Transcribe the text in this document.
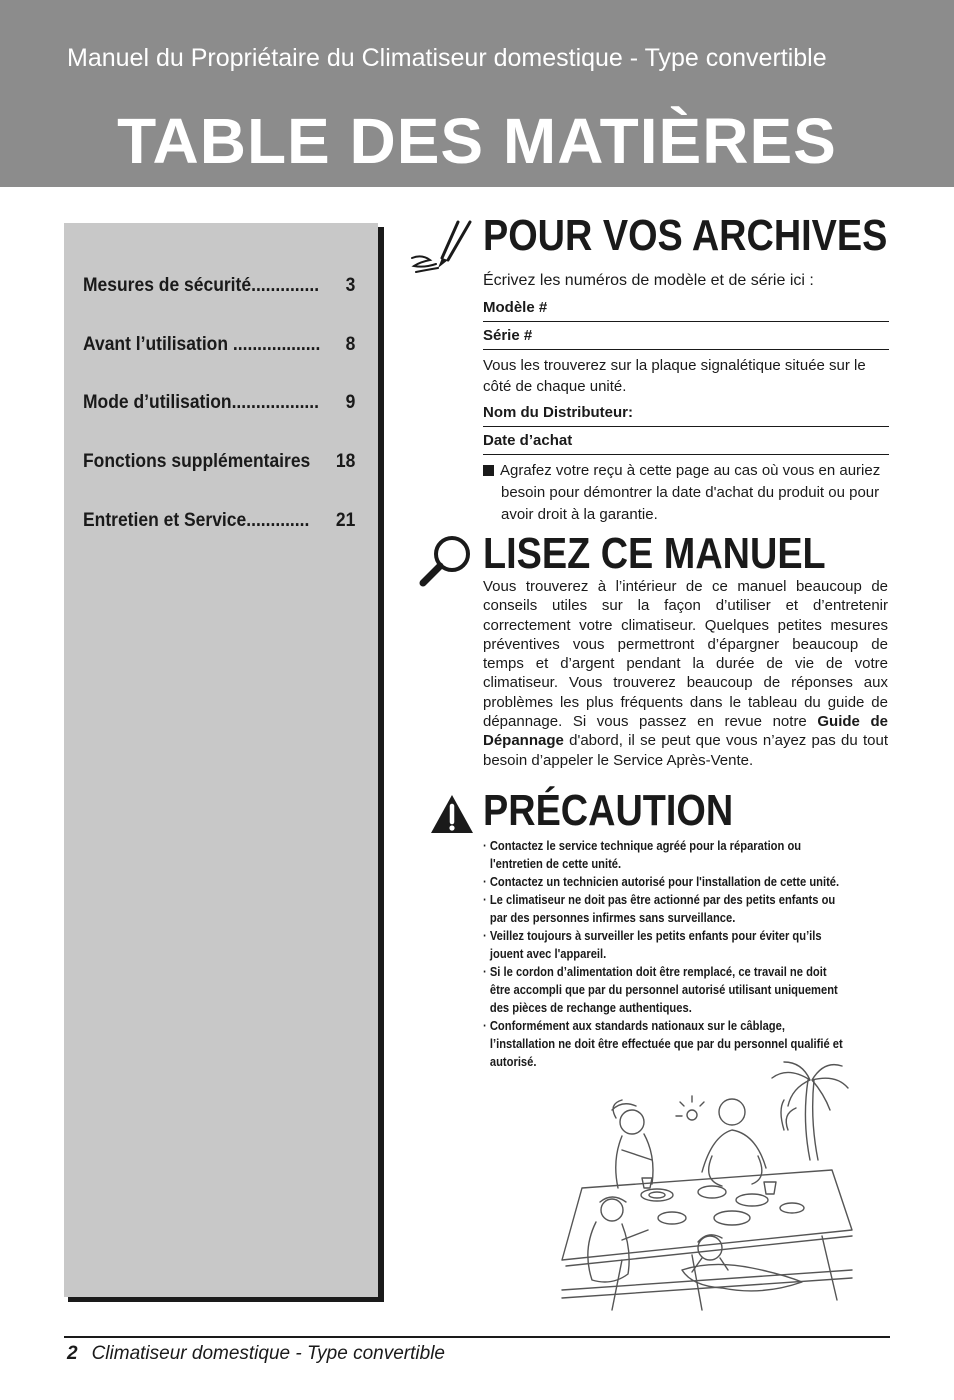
Manuel du Propriétaire du Climatiseur domestique - Type convertible
TABLE DES MATIÈRES
Mesures de sécurité ..............	3
Avant l’utilisation ..................	8
Mode d’utilisation ..................	9
Fonctions supplémentaires 18
Entretien et Service .............	21
POUR VOS ARCHIVES
Écrivez les numéros de modèle et de série ici :
Modèle #
Série #
Vous les trouverez sur la plaque signalétique située sur le côté de chaque unité.
Nom du Distributeur:
Date d’achat
Agrafez votre reçu à cette page au cas où vous en auriez besoin pour démontrer la date d'achat du produit ou pour avoir droit à la garantie.
LISEZ CE MANUEL
Vous trouverez à l’intérieur de ce manuel beaucoup de conseils utiles sur la façon d’utiliser et d’entretenir correctement votre climatiseur. Quelques petites mesures préventives vous permettront d’épargner beaucoup de temps et d’argent pendant la durée de vie de votre climatiseur. Vous trouverez beaucoup de réponses aux problèmes les plus fréquents dans le tableau du guide de dépannage. Si vous passez en revue notre Guide de Dépannage d'abord, il se peut que vous n’ayez pas du tout besoin d’appeler le Service Après-Vente.
PRÉCAUTION
· Contactez le service technique agréé pour la réparation ou l'entretien de cette unité.
· Contactez un technicien autorisé pour l'installation de cette unité.
· Le climatiseur ne doit pas être actionné par des petits enfants ou par des personnes infirmes sans surveillance.
· Veillez toujours à surveiller les petits enfants pour éviter qu’ils jouent avec l'appareil.
· Si le cordon d’alimentation doit être remplacé, ce travail ne doit être accompli que par du personnel autorisé utilisant uniquement des pièces de rechange authentiques.
· Conformément aux standards nationaux sur le câblage, l’installation ne doit être effectuée que par du personnel qualifié et autorisé.
2 Climatiseur domestique - Type convertible
